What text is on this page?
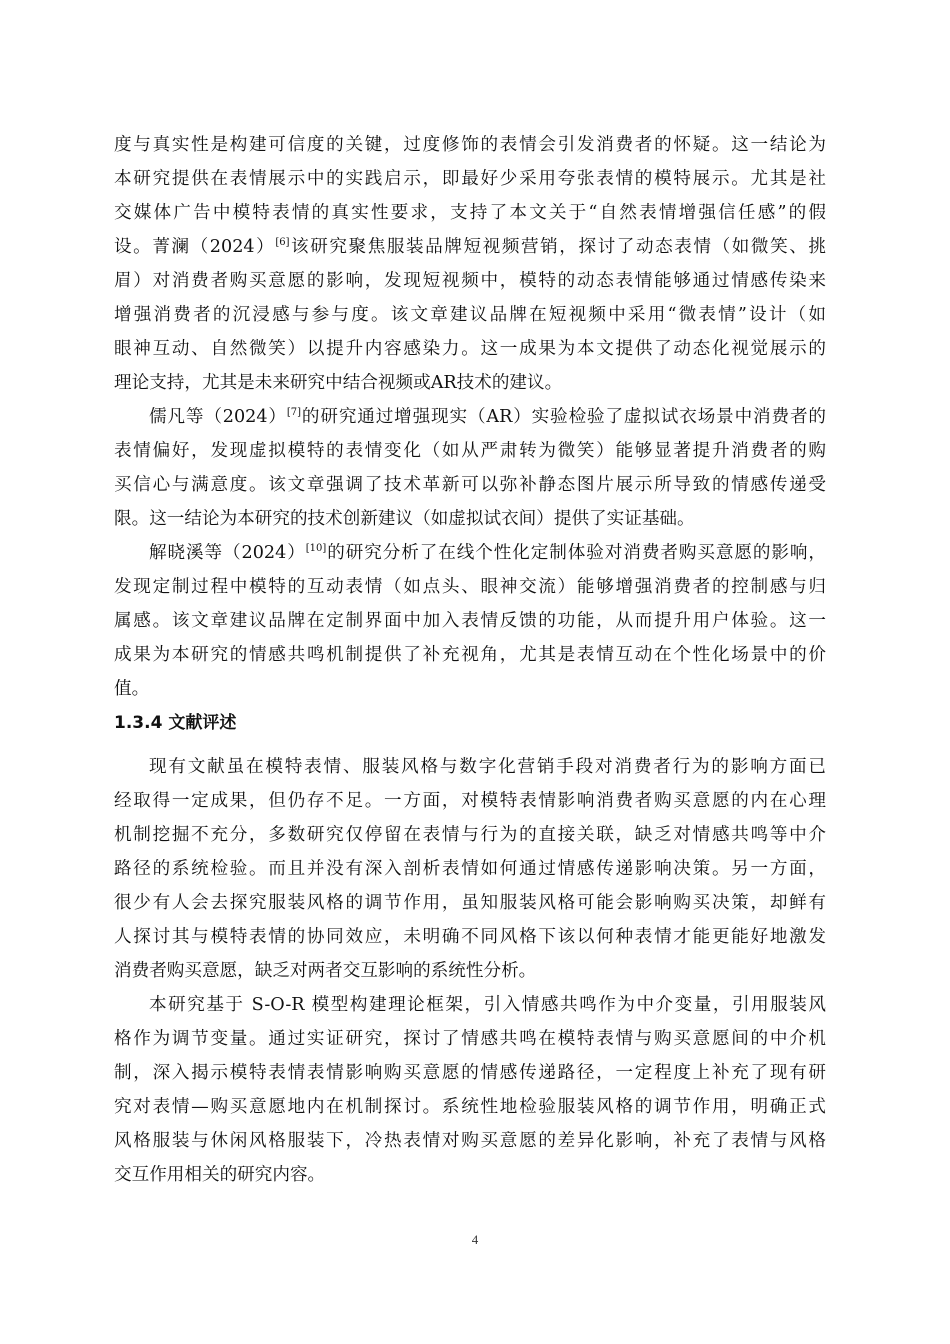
度与真实性是构建可信度的关键，过度修饰的表情会引发消费者的怀疑。这一结论为
本研究提供在表情展示中的实践启示，即最好少采用夸张表情的模特展示。尤其是社
交媒体广告中模特表情的真实性要求，支持了本文关于“自然表情增强信任感”的假
设。菁澜（2024）[6]该研究聚焦服装品牌短视频营销，探讨了动态表情（如微笑、挑
眉）对消费者购买意愿的影响，发现短视频中，模特的动态表情能够通过情感传染来
增强消费者的沉浸感与参与度。该文章建议品牌在短视频中采用“微表情”设计（如
眼神互动、自然微笑）以提升内容感染力。这一成果为本文提供了动态化视觉展示的
理论支持，尤其是未来研究中结合视频或AR技术的建议。
儒凡等（2024）[7]的研究通过增强现实（AR）实验检验了虚拟试衣场景中消费者的
表情偏好，发现虚拟模特的表情变化（如从严肃转为微笑）能够显著提升消费者的购
买信心与满意度。该文章强调了技术革新可以弥补静态图片展示所导致的情感传递受
限。这一结论为本研究的技术创新建议（如虚拟试衣间）提供了实证基础。
解晓溪等（2024）[10]的研究分析了在线个性化定制体验对消费者购买意愿的影响，
发现定制过程中模特的互动表情（如点头、眼神交流）能够增强消费者的控制感与归
属感。该文章建议品牌在定制界面中加入表情反馈的功能，从而提升用户体验。这一
成果为本研究的情感共鸣机制提供了补充视角，尤其是表情互动在个性化场景中的价
值。
1.3.4 文献评述
现有文献虽在模特表情、服装风格与数字化营销手段对消费者行为的影响方面已
经取得一定成果，但仍存不足。一方面，对模特表情影响消费者购买意愿的内在心理
机制挖掘不充分，多数研究仅停留在表情与行为的直接关联，缺乏对情感共鸣等中介
路径的系统检验。而且并没有深入剖析表情如何通过情感传递影响决策。另一方面，
很少有人会去探究服装风格的调节作用，虽知服装风格可能会影响购买决策，却鲜有
人探讨其与模特表情的协同效应，未明确不同风格下该以何种表情才能更能好地激发
消费者购买意愿，缺乏对两者交互影响的系统性分析。
本研究基于 S-O-R 模型构建理论框架，引入情感共鸣作为中介变量，引用服装风
格作为调节变量。通过实证研究，探讨了情感共鸣在模特表情与购买意愿间的中介机
制，深入揭示模特表情表情影响购买意愿的情感传递路径，一定程度上补充了现有研
究对表情—购买意愿地内在机制探讨。系统性地检验服装风格的调节作用，明确正式
风格服装与休闲风格服装下，冷热表情对购买意愿的差异化影响，补充了表情与风格
交互作用相关的研究内容。
4
